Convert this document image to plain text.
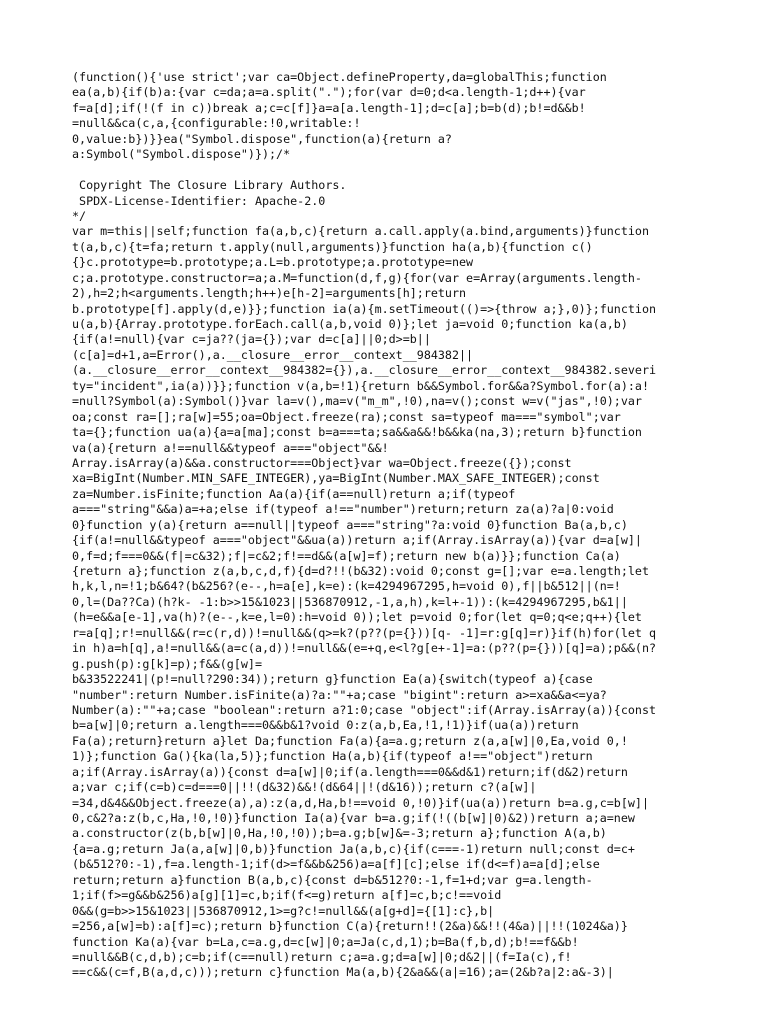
(function(){'use strict';var ca=Object.defineProperty,da=globalThis;function
ea(a,b){if(b)a:{var c=da;a=a.split(".");for(var d=0;d<a.length-1;d++){var
f=a[d];if(!(f in c))break a;c=c[f]}a=a[a.length-1];d=c[a];b=b(d);b!=d&&b!
=null&&ca(c,a,{configurable:!0,writable:!
0,value:b})}}ea("Symbol.dispose",function(a){return a?
a:Symbol("Symbol.dispose")});/*
Copyright The Closure Library Authors.
SPDX-License-Identifier: Apache-2.0
*/
var m=this||self;function fa(a,b,c){return a.call.apply(a.bind,arguments)}function
t(a,b,c){t=fa;return t.apply(null,arguments)}function ha(a,b){function c()
{}c.prototype=b.prototype;a.L=b.prototype;a.prototype=new
c;a.prototype.constructor=a;a.M=function(d,f,g){for(var e=Array(arguments.length-
2),h=2;h<arguments.length;h++)e[h-2]=arguments[h];return
b.prototype[f].apply(d,e)}};function ia(a){m.setTimeout(()=>{throw a;},0)};function
u(a,b){Array.prototype.forEach.call(a,b,void 0)};let ja=void 0;function ka(a,b)
{if(a!=null){var c=ja??(ja={});var d=c[a]||0;d>=b||
(c[a]=d+1,a=Error(),a.__closure__error__context__984382||
(a.__closure__error__context__984382={}),a.__closure__error__context__984382.severi
ty="incident",ia(a))}};function v(a,b=!1){return b&&Symbol.for&&a?Symbol.for(a):a!
=null?Symbol(a):Symbol()}var la=v(),ma=v("m_m",!0),na=v();const w=v("jas",!0);var
oa;const ra=[];ra[w]=55;oa=Object.freeze(ra);const sa=typeof ma==="symbol";var
ta={};function ua(a){a=a[ma];const b=a===ta;sa&&a&&!b&&ka(na,3);return b}function
va(a){return a!==null&&typeof a==="object"&&!
Array.isArray(a)&&a.constructor===Object}var wa=Object.freeze({});const
xa=BigInt(Number.MIN_SAFE_INTEGER),ya=BigInt(Number.MAX_SAFE_INTEGER);const
za=Number.isFinite;function Aa(a){if(a==null)return a;if(typeof
a==="string"&&a)a=+a;else if(typeof a!=="number")return;return za(a)?a|0:void
0}function y(a){return a==null||typeof a==="string"?a:void 0}function Ba(a,b,c)
{if(a!=null&&typeof a==="object"&&ua(a))return a;if(Array.isArray(a)){var d=a[w]|
0,f=d;f===0&&(f|=c&32);f|=c&2;f!==d&&(a[w]=f);return new b(a)}};function Ca(a)
{return a};function z(a,b,c,d,f){d=d?!!(b&32):void 0;const g=[];var e=a.length;let
h,k,l,n=!1;b&64?(b&256?(e--,h=a[e],k=e):(k=4294967295,h=void 0),f||b&512||(n=!
0,l=(Da??Ca)(h?k- -1:b>>15&1023||536870912,-1,a,h),k=l+-1)):(k=4294967295,b&1||
(h=e&&a[e-1],va(h)?(e--,k=e,l=0):h=void 0));let p=void 0;for(let q=0;q<e;q++){let
r=a[q];r!=null&&(r=c(r,d))!=null&&(q>=k?(p??(p={}))[q- -1]=r:g[q]=r)}if(h)for(let q
in h)a=h[q],a!=null&&(a=c(a,d))!=null&&(e=+q,e<l?g[e+-1]=a:(p??(p={}))[q]=a);p&&(n?
g.push(p):g[k]=p);f&&(g[w]=
b&33522241|(p!=null?290:34));return g}function Ea(a){switch(typeof a){case
"number":return Number.isFinite(a)?a:""+a;case "bigint":return a>=xa&&a<=ya?
Number(a):""+a;case "boolean":return a?1:0;case "object":if(Array.isArray(a)){const
b=a[w]|0;return a.length===0&&b&1?void 0:z(a,b,Ea,!1,!1)}if(ua(a))return
Fa(a);return}return a}let Da;function Fa(a){a=a.g;return z(a,a[w]|0,Ea,void 0,!
1)};function Ga(){ka(la,5)};function Ha(a,b){if(typeof a!=="object")return
a;if(Array.isArray(a)){const d=a[w]|0;if(a.length===0&&d&1)return;if(d&2)return
a;var c;if(c=b)c=d===0||!!(d&32)&&!(d&64||!(d&16));return c?(a[w]|
=34,d&4&&Object.freeze(a),a):z(a,d,Ha,b!==void 0,!0)}if(ua(a))return b=a.g,c=b[w]|
0,c&2?a:z(b,c,Ha,!0,!0)}function Ia(a){var b=a.g;if(!((b[w]|0)&2))return a;a=new
a.constructor(z(b,b[w]|0,Ha,!0,!0));b=a.g;b[w]&=-3;return a};function A(a,b)
{a=a.g;return Ja(a,a[w]|0,b)}function Ja(a,b,c){if(c===-1)return null;const d=c+
(b&512?0:-1),f=a.length-1;if(d>=f&&b&256)a=a[f][c];else if(d<=f)a=a[d];else
return;return a}function B(a,b,c){const d=b&512?0:-1,f=1+d;var g=a.length-
1;if(f>=g&&b&256)a[g][1]=c,b;if(f<=g)return a[f]=c,b;c!==void
0&&(g=b>>15&1023||536870912,1>=g?c!=null&&(a[g+d]={[1]:c},b|
=256,a[w]=b):a[f]=c);return b}function C(a){return!!(2&a)&&!!(4&a)||!!(1024&a)}
function Ka(a){var b=La,c=a.g,d=c[w]|0;a=Ja(c,d,1);b=Ba(f,b,d);b!==f&&b!
=null&&B(c,d,b);c=b;if(c==null)return c;a=a.g;d=a[w]|0;d&2||(f=Ia(c),f!
==c&&(c=f,B(a,d,c)));return c}function Ma(a,b){2&a&&(a|=16);a=(2&b?a|2:a&-3)|
